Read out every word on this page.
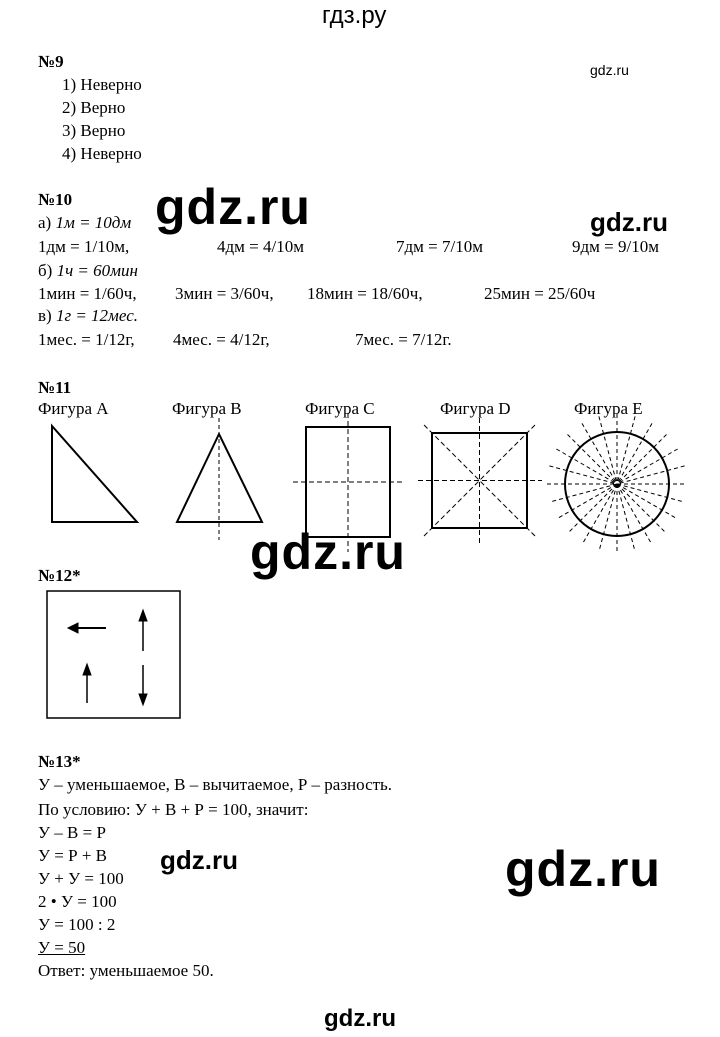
гдз.ру
gdz.ru
№9
1) Неверно
2) Верно
3) Верно
4) Неверно
№10
а) 1м = 10дм gdz.ru	gdz.ru
1дм = 1/10м,	4дм = 4/10м	7дм = 7/10м	9дм = 9/10м
б) 1ч = 60мин
1мин = 1/60ч, 3мин = 3/60ч, 18мин = 18/60ч,	25мин = 25/60ч
в) 1г = 12мес.
1мес. = 1/12г, 4мес. = 4/12г,	7мес. = 7/12г.
№11
Фигура A	Фигура B	Фигура C	Фигура D	Фигура E
gdz.ru
№12*
№13*
У – уменьшаемое, В – вычитаемое, Р – разность.
По условию: У + В + Р = 100, значит:
У – В = Р
У = Р + В
У + У = 100
2 • У = 100
У = 100 : 2
У = 50
Ответ: уменьшаемое 50.
gdz.ru	gdz.ru
gdz.ru
